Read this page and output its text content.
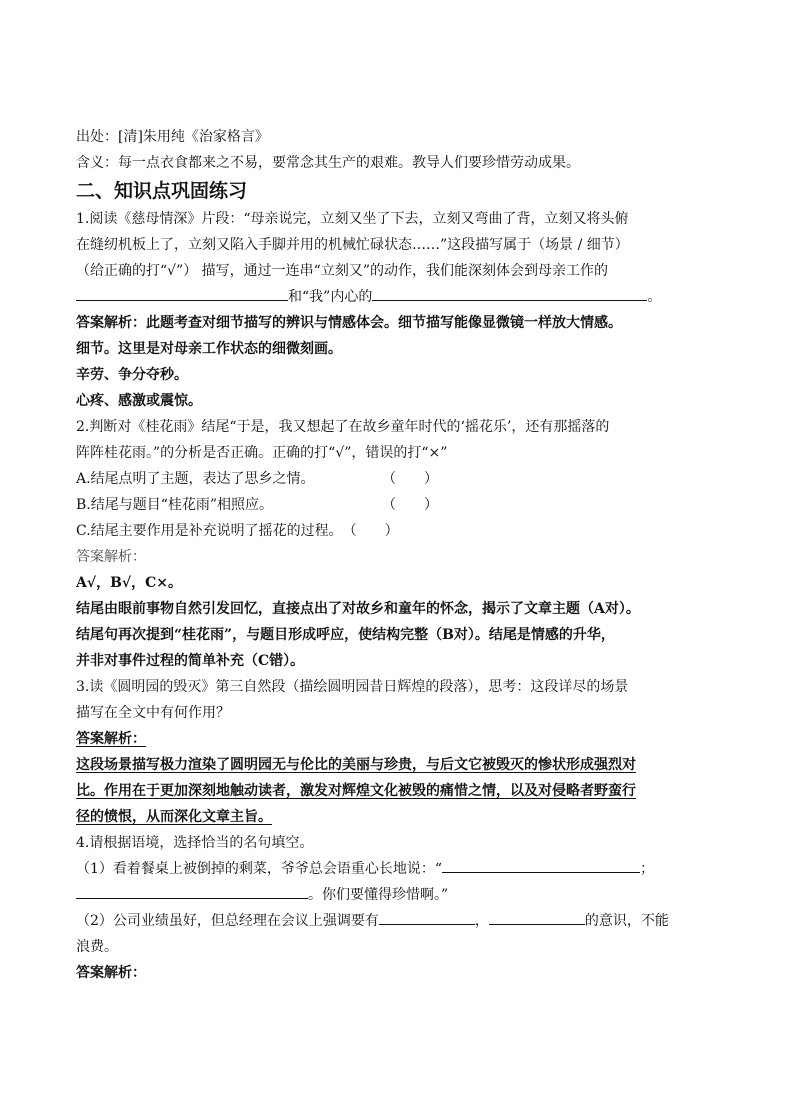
出处：[清]朱用纯《治家格言》

含义：每一点衣食都来之不易，要常念其生产的艰难。教导人们要珍惜劳动成果。

二、知识点巩固练习

1.阅读《慈母情深》片段：“母亲说完，立刻又坐了下去，立刻又弯曲了背，立刻又将头俯

在缝纫机板上了，立刻又陷入手脚并用的机械忙碌状态……”这段描写属于（场景 / 细节）

（给正确的打“√”） 描写，通过一连串“立刻又”的动作，我们能深刻体会到母亲工作的

和“我”内心的	。

答案解析：此题考查对细节描写的辨识与情感体会。细节描写能像显微镜一样放大情感。

细节。这里是对母亲工作状态的细微刻画。

辛劳、争分夺秒。

心疼、感激或震惊。

2.判断对《桂花雨》结尾“于是，我又想起了在故乡童年时代的‘摇花乐’，还有那摇落的

阵阵桂花雨。”的分析是否正确。正确的打“√”，错误的打“×”

A.结尾点明了主题，表达了思乡之情。	（　　）

B.结尾与题目“桂花雨”相照应。	（　　）

C.结尾主要作用是补充说明了摇花的过程。 （　　）

答案解析：

A√，B√，C×。

结尾由眼前事物自然引发回忆，直接点出了对故乡和童年的怀念，揭示了文章主题（A对）。

结尾句再次提到“桂花雨”，与题目形成呼应，使结构完整（B对）。结尾是情感的升华，

并非对事件过程的简单补充（C错）。

3.读《圆明园的毁灭》第三自然段（描绘圆明园昔日辉煌的段落），思考：这段详尽的场景

描写在全文中有何作用？

答案解析：

这段场景描写极力渲染了圆明园无与伦比的美丽与珍贵，与后文它被毁灭的惨状形成强烈对

比。作用在于更加深刻地触动读者，激发对辉煌文化被毁的痛惜之情，以及对侵略者野蛮行

径的愤恨，从而深化文章主旨。

4.请根据语境，选择恰当的名句填空。

（1）看着餐桌上被倒掉的剩菜，爷爷总会语重心长地说：“	；

。你们要懂得珍惜啊。”

（2）公司业绩虽好，但总经理在会议上强调要有	，	的意识，不能

浪费。

答案解析：
